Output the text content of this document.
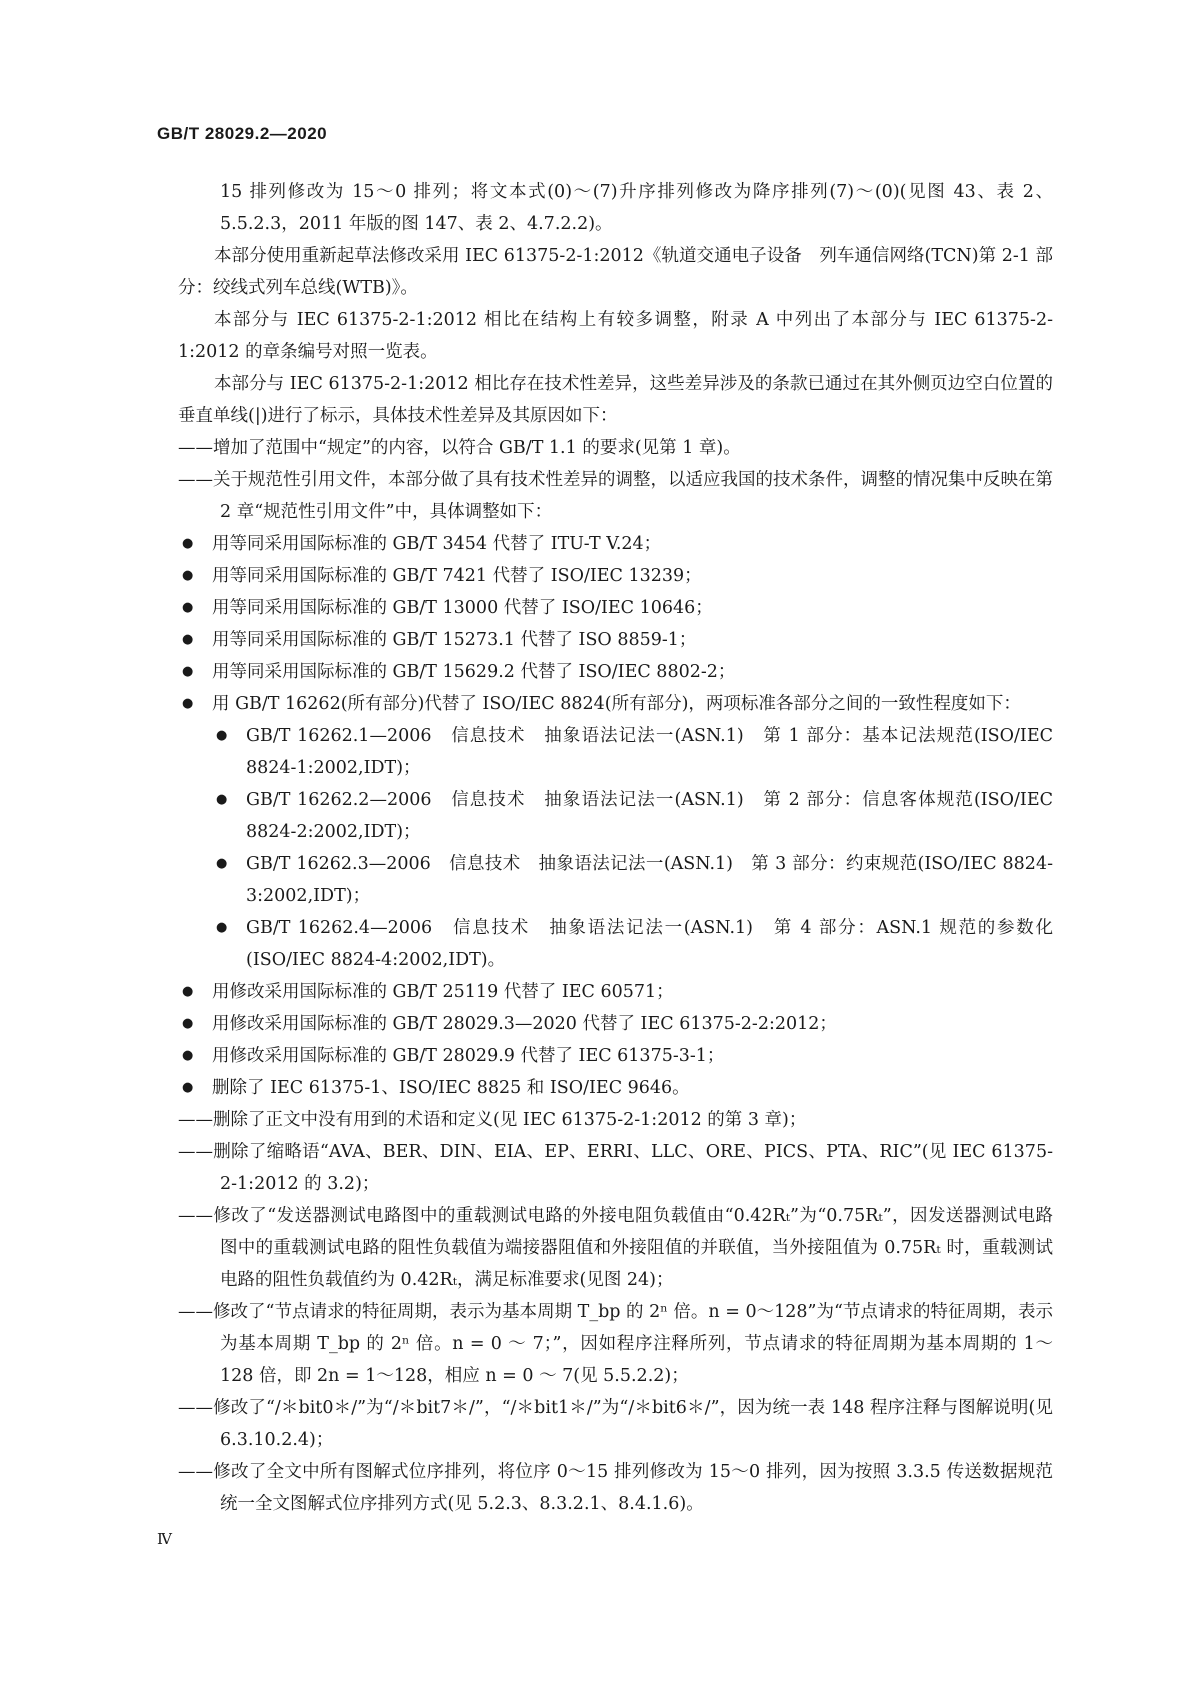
GB/T 28029.2—2020

15 排列修改为 15～0 排列；将文本式(0)～(7)升序排列修改为降序排列(7)～(0)(见图 43、表 2、5.5.2.3，2011 年版的图 147、表 2、4.7.2.2)。

本部分使用重新起草法修改采用 IEC 61375-2-1:2012《轨道交通电子设备　列车通信网络(TCN)第 2-1 部分：绞线式列车总线(WTB)》。

本部分与 IEC 61375-2-1:2012 相比在结构上有较多调整，附录 A 中列出了本部分与 IEC 61375-2-1:2012 的章条编号对照一览表。

本部分与 IEC 61375-2-1:2012 相比存在技术性差异，这些差异涉及的条款已通过在其外侧页边空白位置的垂直单线(|)进行了标示，具体技术性差异及其原因如下：

——增加了范围中“规定”的内容，以符合 GB/T 1.1 的要求(见第 1 章)。

——关于规范性引用文件，本部分做了具有技术性差异的调整，以适应我国的技术条件，调整的情况集中反映在第 2 章“规范性引用文件”中，具体调整如下：

● 用等同采用国际标准的 GB/T 3454 代替了 ITU-T V.24；

● 用等同采用国际标准的 GB/T 7421 代替了 ISO/IEC 13239；

● 用等同采用国际标准的 GB/T 13000 代替了 ISO/IEC 10646；

● 用等同采用国际标准的 GB/T 15273.1 代替了 ISO 8859-1；

● 用等同采用国际标准的 GB/T 15629.2 代替了 ISO/IEC 8802-2；

● 用 GB/T 16262(所有部分)代替了 ISO/IEC 8824(所有部分)，两项标准各部分之间的一致性程度如下：

● GB/T 16262.1—2006　信息技术　抽象语法记法一(ASN.1)　第 1 部分：基本记法规范(ISO/IEC 8824-1:2002,IDT)；

● GB/T 16262.2—2006　信息技术　抽象语法记法一(ASN.1)　第 2 部分：信息客体规范(ISO/IEC 8824-2:2002,IDT)；

● GB/T 16262.3—2006　信息技术　抽象语法记法一(ASN.1)　第 3 部分：约束规范(ISO/IEC 8824-3:2002,IDT)；

● GB/T 16262.4—2006　信息技术　抽象语法记法一(ASN.1)　第 4 部分：ASN.1 规范的参数化(ISO/IEC 8824-4:2002,IDT)。

● 用修改采用国际标准的 GB/T 25119 代替了 IEC 60571；

● 用修改采用国际标准的 GB/T 28029.3—2020 代替了 IEC 61375-2-2:2012；

● 用修改采用国际标准的 GB/T 28029.9 代替了 IEC 61375-3-1；

● 删除了 IEC 61375-1、ISO/IEC 8825 和 ISO/IEC 9646。

——删除了正文中没有用到的术语和定义(见 IEC 61375-2-1:2012 的第 3 章)；

——删除了缩略语“AVA、BER、DIN、EIA、EP、ERRI、LLC、ORE、PICS、PTA、RIC”(见 IEC 61375-2-1:2012 的 3.2)；

——修改了“发送器测试电路图中的重载测试电路的外接电阻负载值由“0.42Rₜ”为“0.75Rₜ”，因发送器测试电路图中的重载测试电路的阻性负载值为端接器阻值和外接阻值的并联值，当外接阻值为 0.75Rₜ 时，重载测试电路的阻性负载值约为 0.42Rₜ，满足标准要求(见图 24)；

——修改了“节点请求的特征周期，表示为基本周期 T_bp 的 2ⁿ 倍。n = 0～128”为“节点请求的特征周期，表示为基本周期 T_bp 的 2ⁿ 倍。n = 0 ～ 7；”，因如程序注释所列，节点请求的特征周期为基本周期的 1～128 倍，即 2n = 1～128，相应 n = 0 ～ 7(见 5.5.2.2)；

——修改了“/＊bit0＊/”为“/＊bit7＊/”，“/＊bit1＊/”为“/＊bit6＊/”，因为统一表 148 程序注释与图解说明(见 6.3.10.2.4)；

——修改了全文中所有图解式位序排列，将位序 0～15 排列修改为 15～0 排列，因为按照 3.3.5 传送数据规范统一全文图解式位序排列方式(见 5.2.3、8.3.2.1、8.4.1.6)。

Ⅳ
